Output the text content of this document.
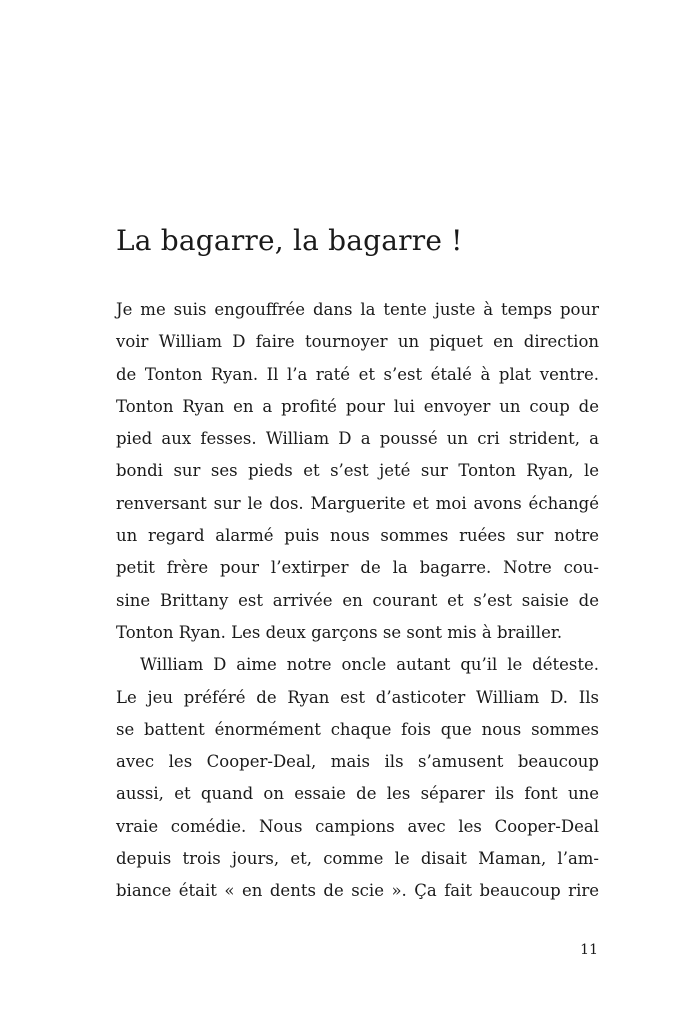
La bagarre, la bagarre !
Je me suis engouffrée dans la tente juste à temps pour
voir William D faire tournoyer un piquet en direction
de Tonton Ryan. Il l’a raté et s’est étalé à plat ventre.
Tonton Ryan en a profité pour lui envoyer un coup de
pied aux fesses. William D a poussé un cri strident, a
bondi sur ses pieds et s’est jeté sur Tonton Ryan, le
renversant sur le dos. Marguerite et moi avons échangé
un regard alarmé puis nous sommes ruées sur notre
petit frère pour l’extirper de la bagarre. Notre cou-
sine Brittany est arrivée en courant et s’est saisie de
Tonton Ryan. Les deux garçons se sont mis à brailler.
William D aime notre oncle autant qu’il le déteste.
Le jeu préféré de Ryan est d’asticoter William D. Ils
se battent énormément chaque fois que nous sommes
avec les Cooper-Deal, mais ils s’amusent beaucoup
aussi, et quand on essaie de les séparer ils font une
vraie comédie. Nous campions avec les Cooper-Deal
depuis trois jours, et, comme le disait Maman, l’am-
biance était « en dents de scie ». Ça fait beaucoup rire
11
